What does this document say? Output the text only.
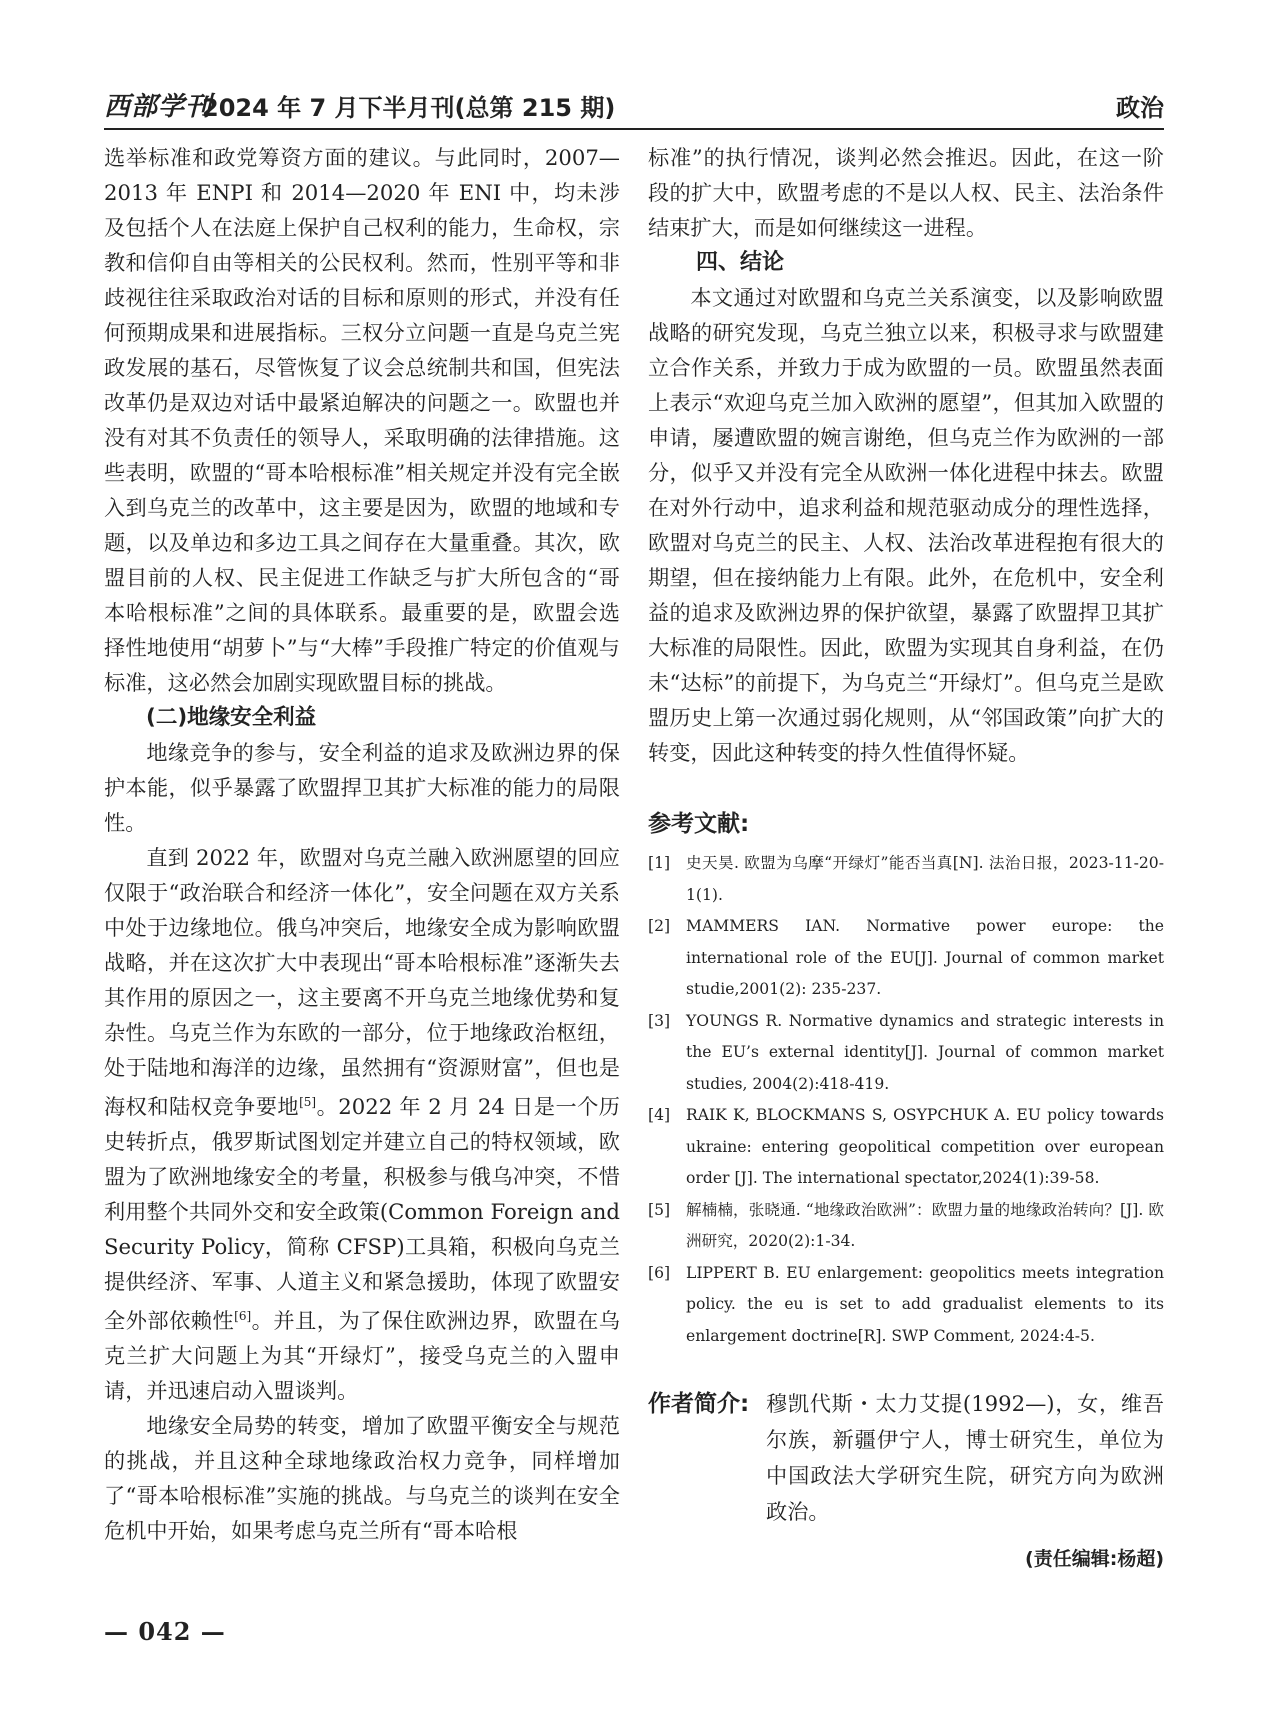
西部学刊
2024 年 7 月下半月刊(总第 215 期)	政治

选举标准和政党筹资方面的建议。与此同时，2007—2013 年 ENPI 和 2014—2020 年 ENI 中，均未涉及包括个人在法庭上保护自己权利的能力，生命权，宗教和信仰自由等相关的公民权利。然而，性别平等和非歧视往往采取政治对话的目标和原则的形式，并没有任何预期成果和进展指标。三权分立问题一直是乌克兰宪政发展的基石，尽管恢复了议会总统制共和国，但宪法改革仍是双边对话中最紧迫解决的问题之一。欧盟也并没有对其不负责任的领导人，采取明确的法律措施。这些表明，欧盟的“哥本哈根标准”相关规定并没有完全嵌入到乌克兰的改革中，这主要是因为，欧盟的地域和专题，以及单边和多边工具之间存在大量重叠。其次，欧盟目前的人权、民主促进工作缺乏与扩大所包含的“哥本哈根标准”之间的具体联系。最重要的是，欧盟会选择性地使用“胡萝卜”与“大棒”手段推广特定的价值观与标准，这必然会加剧实现欧盟目标的挑战。

(二)地缘安全利益

地缘竞争的参与，安全利益的追求及欧洲边界的保护本能，似乎暴露了欧盟捍卫其扩大标准的能力的局限性。

直到 2022 年，欧盟对乌克兰融入欧洲愿望的回应仅限于“政治联合和经济一体化”，安全问题在双方关系中处于边缘地位。俄乌冲突后，地缘安全成为影响欧盟战略，并在这次扩大中表现出“哥本哈根标准”逐渐失去其作用的原因之一，这主要离不开乌克兰地缘优势和复杂性。乌克兰作为东欧的一部分，位于地缘政治枢纽，处于陆地和海洋的边缘，虽然拥有“资源财富”，但也是海权和陆权竞争要地[5]。2022 年 2 月 24 日是一个历史转折点，俄罗斯试图划定并建立自己的特权领域，欧盟为了欧洲地缘安全的考量，积极参与俄乌冲突，不惜利用整个共同外交和安全政策(Common Foreign and Security Policy，简称 CFSP)工具箱，积极向乌克兰提供经济、军事、人道主义和紧急援助，体现了欧盟安全外部依赖性[6]。并且，为了保住欧洲边界，欧盟在乌克兰扩大问题上为其“开绿灯”，接受乌克兰的入盟申请，并迅速启动入盟谈判。

地缘安全局势的转变，增加了欧盟平衡安全与规范的挑战，并且这种全球地缘政治权力竞争，同样增加了“哥本哈根标准”实施的挑战。与乌克兰的谈判在安全危机中开始，如果考虑乌克兰所有“哥本哈根

标准”的执行情况，谈判必然会推迟。因此，在这一阶段的扩大中，欧盟考虑的不是以人权、民主、法治条件结束扩大，而是如何继续这一进程。

四、结论

本文通过对欧盟和乌克兰关系演变，以及影响欧盟战略的研究发现，乌克兰独立以来，积极寻求与欧盟建立合作关系，并致力于成为欧盟的一员。欧盟虽然表面上表示“欢迎乌克兰加入欧洲的愿望”，但其加入欧盟的申请，屡遭欧盟的婉言谢绝，但乌克兰作为欧洲的一部分，似乎又并没有完全从欧洲一体化进程中抹去。欧盟在对外行动中，追求利益和规范驱动成分的理性选择，欧盟对乌克兰的民主、人权、法治改革进程抱有很大的期望，但在接纳能力上有限。此外，在危机中，安全利益的追求及欧洲边界的保护欲望，暴露了欧盟捍卫其扩大标准的局限性。因此，欧盟为实现其自身利益，在仍未“达标”的前提下，为乌克兰“开绿灯”。但乌克兰是欧盟历史上第一次通过弱化规则，从“邻国政策”向扩大的转变，因此这种转变的持久性值得怀疑。

参考文献:
[1]	史天昊. 欧盟为乌摩“开绿灯”能否当真[N]. 法治日报，2023-11-20-1(1).
[2]	MAMMERS IAN. Normative power europe: the international role of the EU[J]. Journal of common market studie,2001(2): 235-237.
[3]	YOUNGS R. Normative dynamics and strategic interests in the EU’s external identity[J]. Journal of common market studies, 2004(2):418-419.
[4]	RAIK K, BLOCKMANS S, OSYPCHUK A. EU policy towards ukraine: entering geopolitical competition over european order [J]. The international spectator,2024(1):39-58.
[5]	解楠楠，张晓通. “地缘政治欧洲”：欧盟力量的地缘政治转向？[J]. 欧洲研究，2020(2):1-34.
[6]	LIPPERT B. EU enlargement: geopolitics meets integration policy. the eu is set to add gradualist elements to its enlargement doctrine[R]. SWP Comment, 2024:4-5.
作者简介: 穆凯代斯・太力艾提(1992—)，女，维吾尔族，新疆伊宁人，博士研究生，单位为中国政法大学研究生院，研究方向为欧洲政治。
(责任编辑:杨超)
— 042 —
